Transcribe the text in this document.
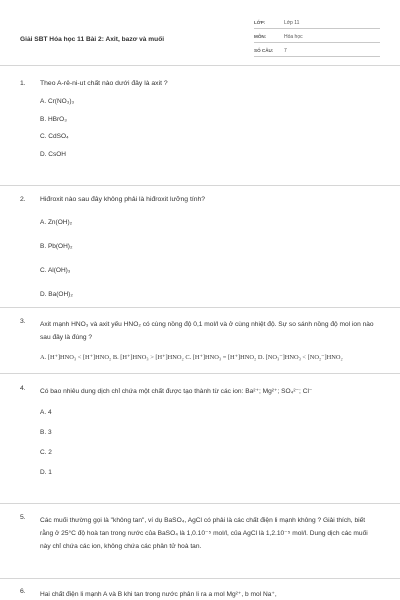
Giải SBT Hóa học 11 Bài 2: Axit, bazơ và muối
LỚP:	Lớp 11
MÔN:	Hóa học
SỐ CÂU:	7
1.	Theo A-rê-ni-ut chất nào dưới đây là axit ?
A. Cr(NO₃)₃
B. HBrO₃
C. CdSO₄
D. CsOH
2.	Hiđroxit nào sau đây không phải là hiđroxit lưỡng tính?
A. Zn(OH)₂
B. Pb(OH)₂
C. Al(OH)₃
D. Ba(OH)₂
3.	Axit mạnh HNO₃ và axit yếu HNO₂ có cùng nồng độ 0,1 mol/l và ở cùng nhiệt độ. Sự so sánh nồng độ mol ion nào sau đây là đúng ?
A. [H⁺]HNO₃ < [H⁺]HNO₂ B. [H⁺]HNO₃ > [H⁺]HNO₂ C. [H⁺]HNO₃ = [H⁺]HNO₂ D. [NO₃⁻]HNO₃ < [NO₂⁻]HNO₂
4.	Có bao nhiêu dung dịch chỉ chứa một chất được tạo thành từ các ion: Ba²⁺; Mg²⁺; SO₄²⁻; Cl⁻
A. 4
B. 3
C. 2
D. 1
5.	Các muối thường gọi là "không tan", ví dụ BaSO₄, AgCl có phải là các chất điện li mạnh không ? Giải thích, biết rằng ở 25°C độ hoà tan trong nước của BaSO₄ là 1,0.10⁻⁵ mol/l, của AgCl là 1,2.10⁻⁵ mol/l. Dung dịch các muối này chỉ chứa các ion, không chứa các phân tử hoà tan.
6.	Hai chất điện li mạnh A và B khi tan trong nước phân li ra a mol Mg²⁺, b mol Na⁺,
